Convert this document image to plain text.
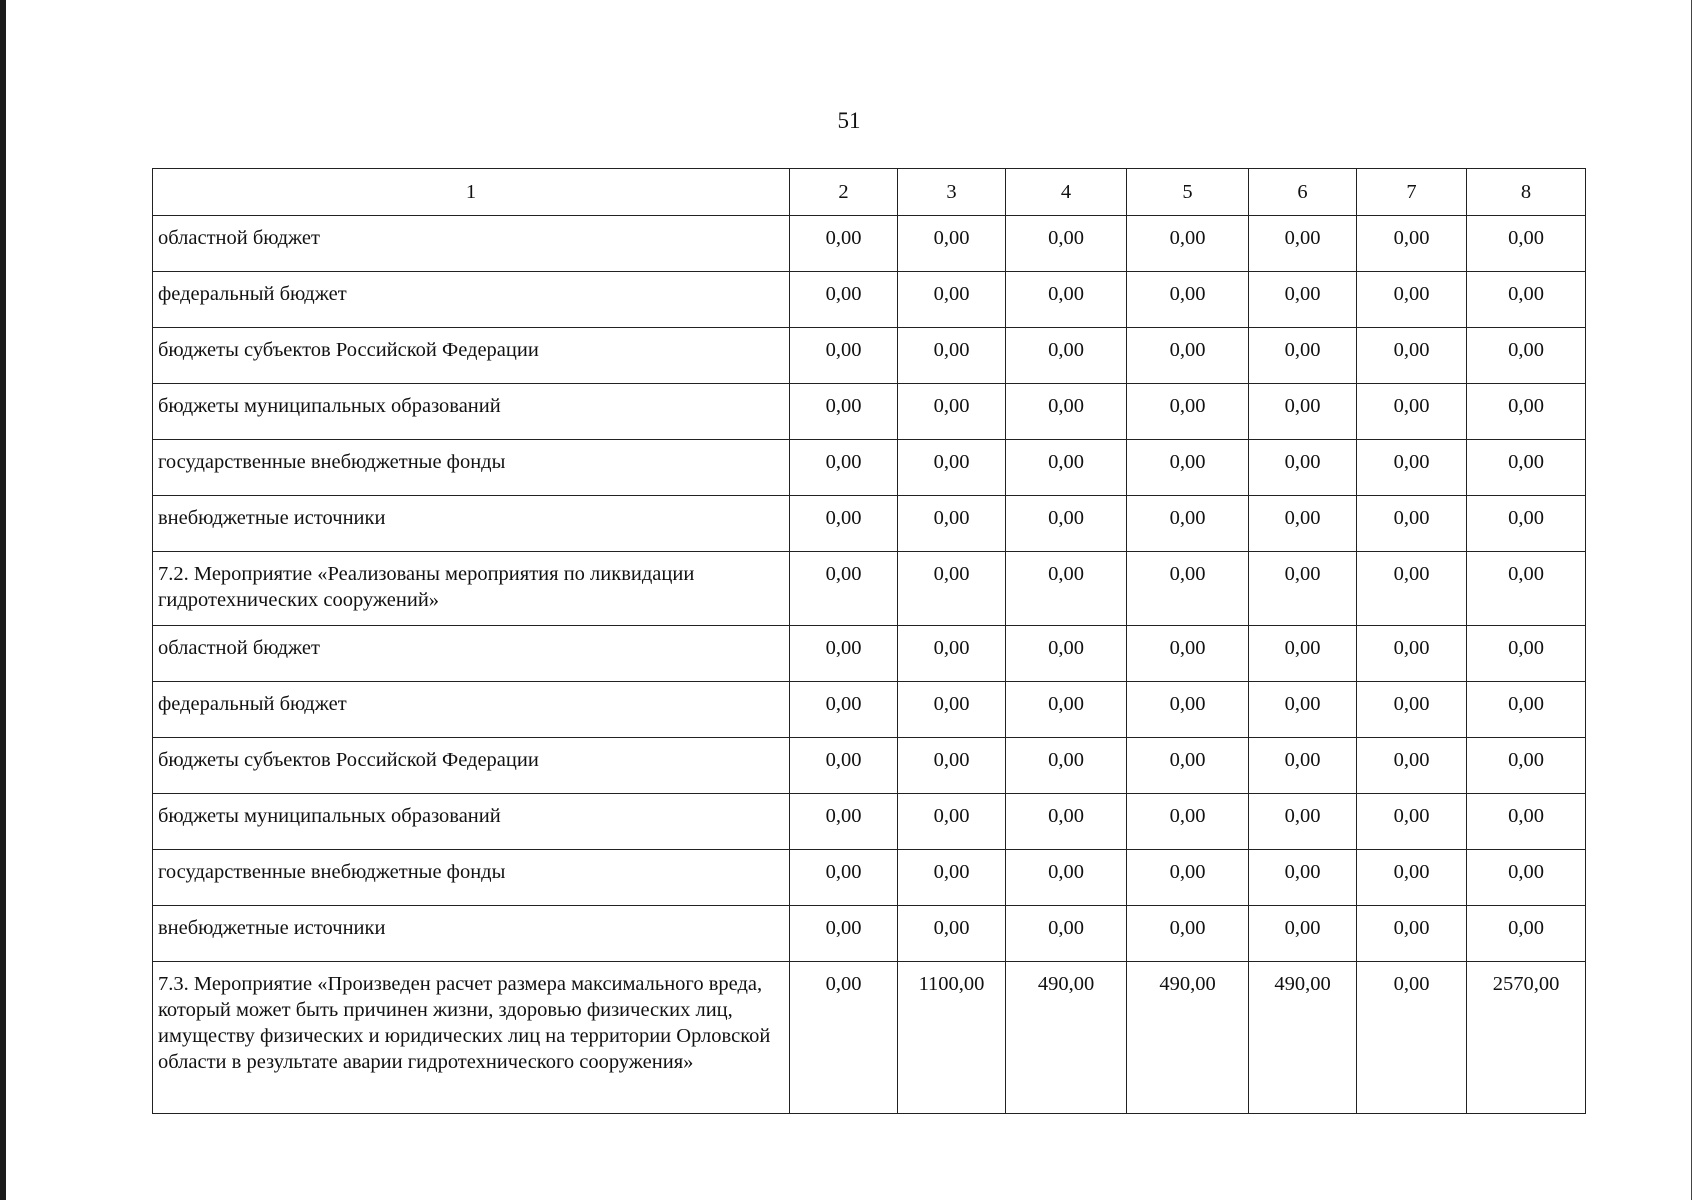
51
1	2	3	4	5	6	7	8
областной бюджет	0,00	0,00	0,00	0,00	0,00	0,00	0,00
федеральный бюджет	0,00	0,00	0,00	0,00	0,00	0,00	0,00
бюджеты субъектов Российской Федерации	0,00	0,00	0,00	0,00	0,00	0,00	0,00
бюджеты муниципальных образований	0,00	0,00	0,00	0,00	0,00	0,00	0,00
государственные внебюджетные фонды	0,00	0,00	0,00	0,00	0,00	0,00	0,00
внебюджетные источники	0,00	0,00	0,00	0,00	0,00	0,00	0,00
7.2. Мероприятие «Реализованы мероприятия по ликвидации гидротехнических сооружений»	0,00	0,00	0,00	0,00	0,00	0,00	0,00
областной бюджет	0,00	0,00	0,00	0,00	0,00	0,00	0,00
федеральный бюджет	0,00	0,00	0,00	0,00	0,00	0,00	0,00
бюджеты субъектов Российской Федерации	0,00	0,00	0,00	0,00	0,00	0,00	0,00
бюджеты муниципальных образований	0,00	0,00	0,00	0,00	0,00	0,00	0,00
государственные внебюджетные фонды	0,00	0,00	0,00	0,00	0,00	0,00	0,00
внебюджетные источники	0,00	0,00	0,00	0,00	0,00	0,00	0,00
7.3. Мероприятие «Произведен расчет размера максимального вреда, который может быть причинен жизни, здоровью физических лиц, имуществу физических и юридических лиц на территории Орловской области в результате аварии гидротехнического сооружения»	0,00	1100,00	490,00	490,00	490,00	0,00	2570,00
